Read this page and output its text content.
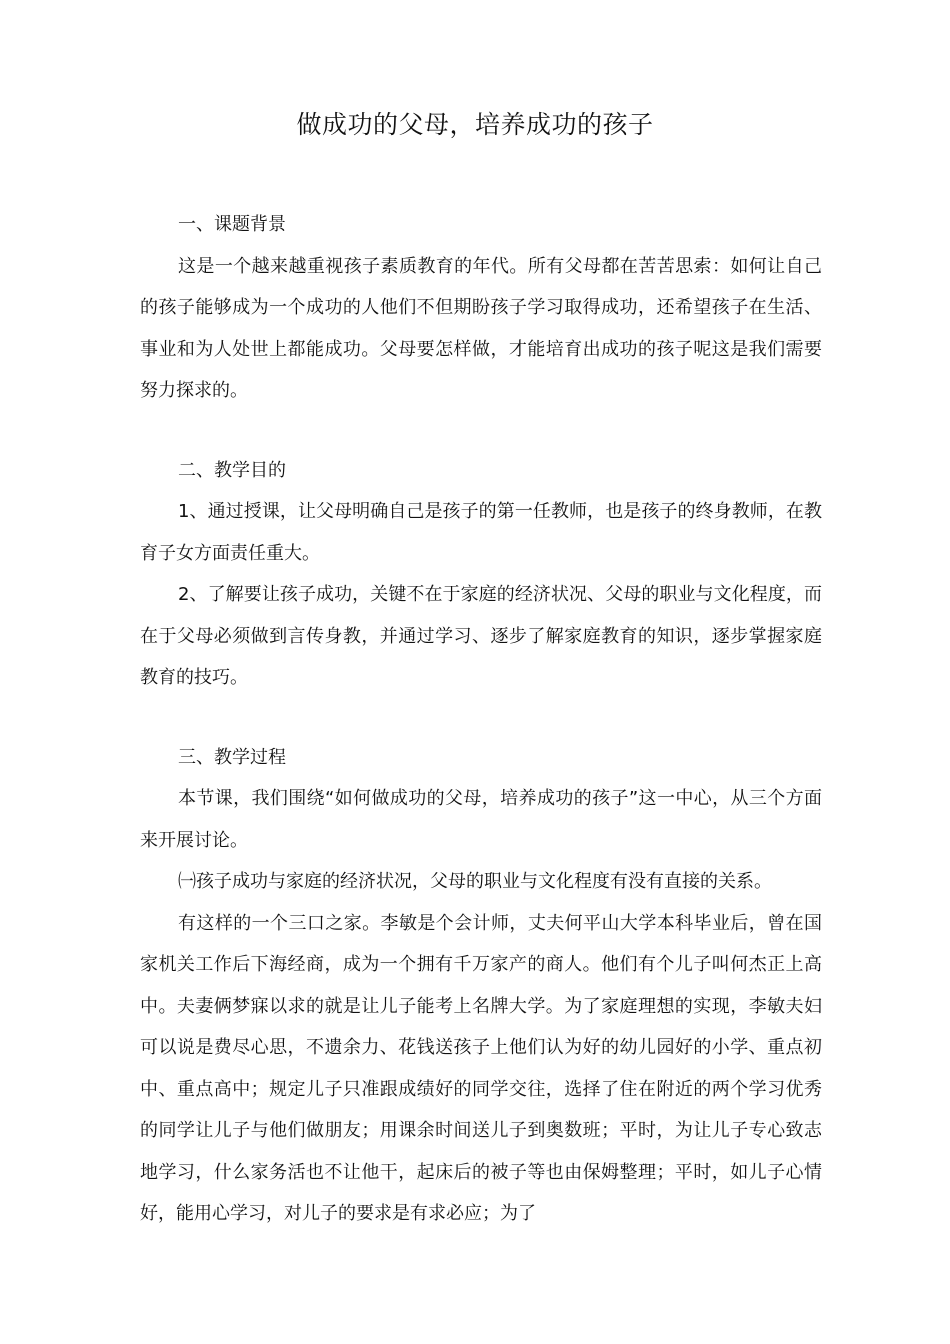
做成功的父母，培养成功的孩子

一、课题背景

这是一个越来越重视孩子素质教育的年代。所有父母都在苦苦思索：如何让自己的孩子能够成为一个成功的人他们不但期盼孩子学习取得成功，还希望孩子在生活、事业和为人处世上都能成功。父母要怎样做，才能培育出成功的孩子呢这是我们需要努力探求的。

二、教学目的

1、通过授课，让父母明确自己是孩子的第一任教师，也是孩子的终身教师，在教育子女方面责任重大。

2、了解要让孩子成功，关键不在于家庭的经济状况、父母的职业与文化程度，而在于父母必须做到言传身教，并通过学习、逐步了解家庭教育的知识，逐步掌握家庭教育的技巧。

三、教学过程

本节课，我们围绕“如何做成功的父母，培养成功的孩子”这一中心，从三个方面来开展讨论。

㈠孩子成功与家庭的经济状况，父母的职业与文化程度有没有直接的关系。

有这样的一个三口之家。李敏是个会计师，丈夫何平山大学本科毕业后，曾在国家机关工作后下海经商，成为一个拥有千万家产的商人。他们有个儿子叫何杰正上高中。夫妻俩梦寐以求的就是让儿子能考上名牌大学。为了家庭理想的实现，李敏夫妇可以说是费尽心思，不遗余力、花钱送孩子上他们认为好的幼儿园好的小学、重点初中、重点高中；规定儿子只准跟成绩好的同学交往，选择了住在附近的两个学习优秀的同学让儿子与他们做朋友；用课余时间送儿子到奥数班；平时，为让儿子专心致志地学习，什么家务活也不让他干，起床后的被子等也由保姆整理；平时，如儿子心情好，能用心学习，对儿子的要求是有求必应；为了
